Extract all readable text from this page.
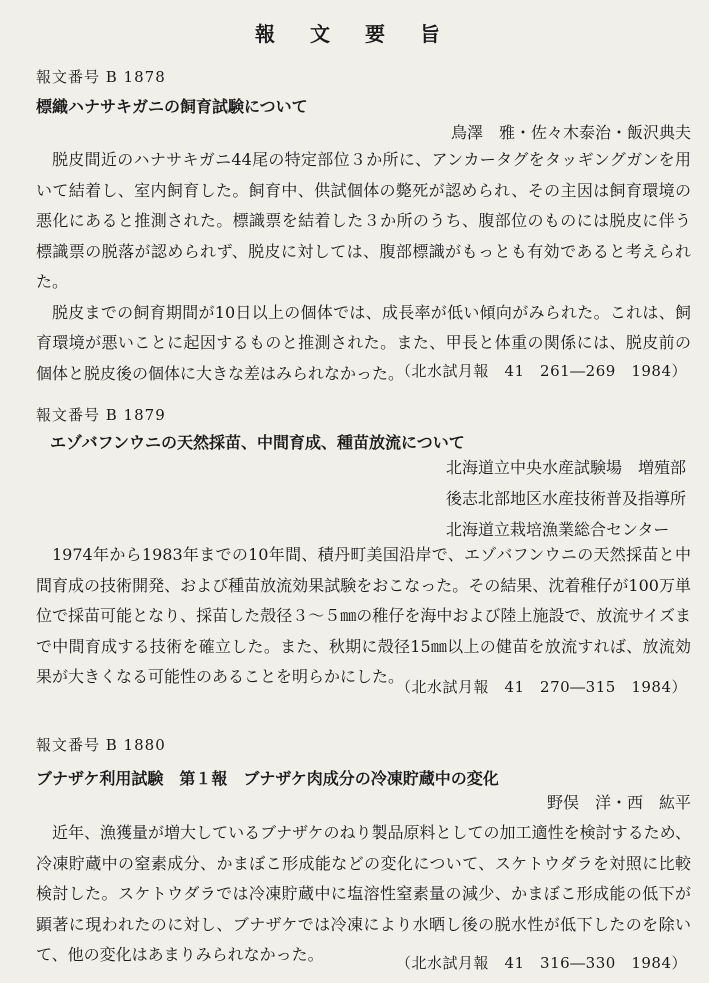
報 文 要 旨
報文番号 B 1878
標織ハナサキガニの飼育試験について
鳥澤　雅・佐々木泰治・飯沢典夫

脱皮間近のハナサキガニ44尾の特定部位３か所に、アンカータグをタッギングガンを用いて結着し、室内飼育した。飼育中、供試個体の斃死が認められ、その主因は飼育環境の悪化にあると推測された。標識票を結着した３か所のうち、腹部位のものには脱皮に伴う標識票の脱落が認められず、脱皮に対しては、腹部標識がもっとも有効であると考えられた。

脱皮までの飼育期間が10日以上の個体では、成長率が低い傾向がみられた。これは、飼育環境が悪いことに起因するものと推測された。また、甲長と体重の関係には、脱皮前の個体と脱皮後の個体に大きな差はみられなかった。

（北水試月報　41　261―269　1984）
報文番号 B 1879
エゾバフンウニの天然採苗、中間育成、種苗放流について
北海道立中央水産試験場　増殖部
後志北部地区水産技術普及指導所
北海道立栽培漁業総合センター

1974年から1983年までの10年間、積丹町美国沿岸で、エゾバフンウニの天然採苗と中間育成の技術開発、および種苗放流効果試験をおこなった。その結果、沈着稚仔が100万単位で採苗可能となり、採苗した殻径３～５㎜の稚仔を海中および陸上施設で、放流サイズまで中間育成する技術を確立した。また、秋期に殻径15㎜以上の健苗を放流すれば、放流効果が大きくなる可能性のあることを明らかにした。

（北水試月報　41　270―315　1984）
報文番号 B 1880
ブナザケ利用試験　第１報　ブナザケ肉成分の冷凍貯蔵中の変化
野俣　洋・西　紘平

近年、漁獲量が増大しているブナザケのねり製品原料としての加工適性を検討するため、冷凍貯蔵中の窒素成分、かまぼこ形成能などの変化について、スケトウダラを対照に比較検討した。スケトウダラでは冷凍貯蔵中に塩溶性窒素量の減少、かまぼこ形成能の低下が顕著に現われたのに対し、ブナザケでは冷凍により水晒し後の脱水性が低下したのを除いて、他の変化はあまりみられなかった。	（北水試月報　41　316―330　1984）
